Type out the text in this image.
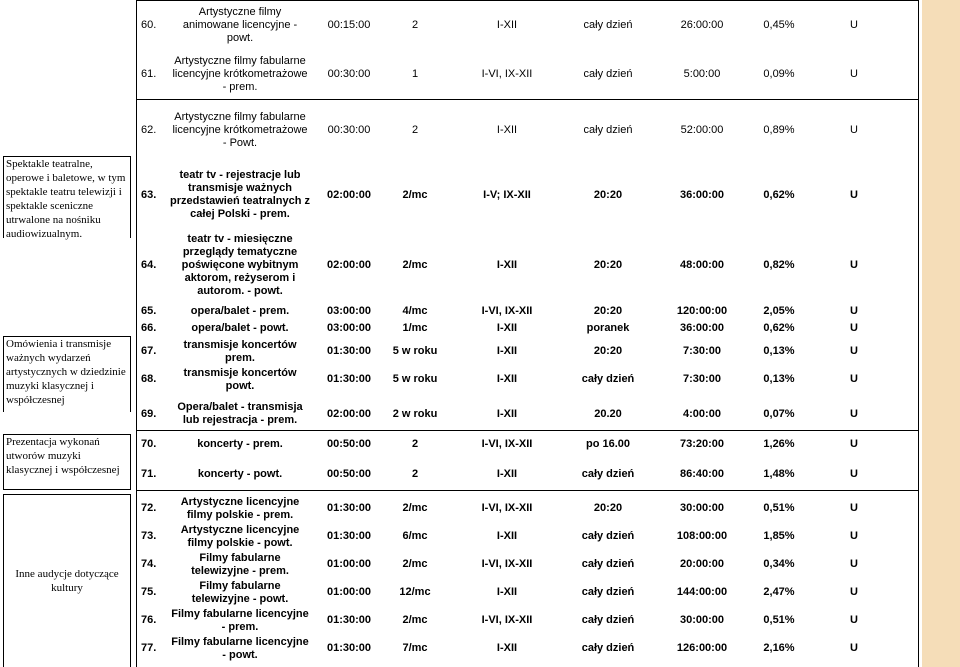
Spektakle teatralne, operowe i baletowe, w tym spektakle teatru telewizji i spektakle sceniczne utrwalone na nośniku audiowizualnym.
Omówienia i transmisje ważnych wydarzeń artystycznych w dziedzinie muzyki klasycznej i współczesnej
Prezentacja wykonań utworów muzyki klasycznej i współczesnej
Inne audycje dotyczące kultury
60.
Artystyczne filmy animowane licencyjne - powt.
00:15:00	2	I-XII	cały dzień	26:00:00	0,45%	U
61.
Artystyczne filmy fabularne licencyjne krótkometrażowe - prem.
00:30:00	1	I-VI, IX-XII	cały dzień	5:00:00	0,09%	U
62.
Artystyczne filmy fabularne licencyjne krótkometrażowe - Powt.
00:30:00	2	I-XII	cały dzień	52:00:00	0,89%	U
63.
teatr tv - rejestracje lub transmisje ważnych przedstawień teatralnych z całej Polski - prem.
02:00:00	2/mc	I-V; IX-XII	20:20	36:00:00	0,62%	U
64.
teatr tv - miesięczne przeglądy tematyczne poświęcone wybitnym aktorom, reżyserom i autorom. - powt.
02:00:00	2/mc	I-XII	20:20	48:00:00	0,82%	U
65.	opera/balet - prem.	03:00:00	4/mc	I-VI, IX-XII	20:20	120:00:00	2,05%	U
66.	opera/balet - powt.	03:00:00	1/mc	I-XII	poranek	36:00:00	0,62%	U
67.
transmisje koncertów prem.
01:30:00	5 w roku	I-XII	20:20	7:30:00	0,13%	U
68.
transmisje koncertów powt.
01:30:00	5 w roku	I-XII	cały dzień	7:30:00	0,13%	U
69.
Opera/balet - transmisja lub rejestracja - prem.
02:00:00	2 w roku	I-XII	20.20	4:00:00	0,07%	U
70.	koncerty - prem.	00:50:00	2	I-VI, IX-XII	po 16.00	73:20:00	1,26%	U
71.	koncerty - powt.	00:50:00	2	I-XII	cały dzień	86:40:00	1,48%	U
72.
Artystyczne licencyjne filmy polskie - prem.
01:30:00	2/mc	I-VI, IX-XII	20:20	30:00:00	0,51%	U
73.
Artystyczne licencyjne filmy polskie - powt.
01:30:00	6/mc	I-XII	cały dzień	108:00:00	1,85%	U
74.
Filmy fabularne telewizyjne - prem.
01:00:00	2/mc	I-VI, IX-XII	cały dzień	20:00:00	0,34%	U
75.
Filmy fabularne telewizyjne - powt.
01:00:00	12/mc	I-XII	cały dzień	144:00:00	2,47%	U
76.
Filmy fabularne licencyjne - prem.
01:30:00	2/mc	I-VI, IX-XII	cały dzień	30:00:00	0,51%	U
77.
Filmy fabularne licencyjne - powt.
01:30:00	7/mc	I-XII	cały dzień	126:00:00	2,16%	U
